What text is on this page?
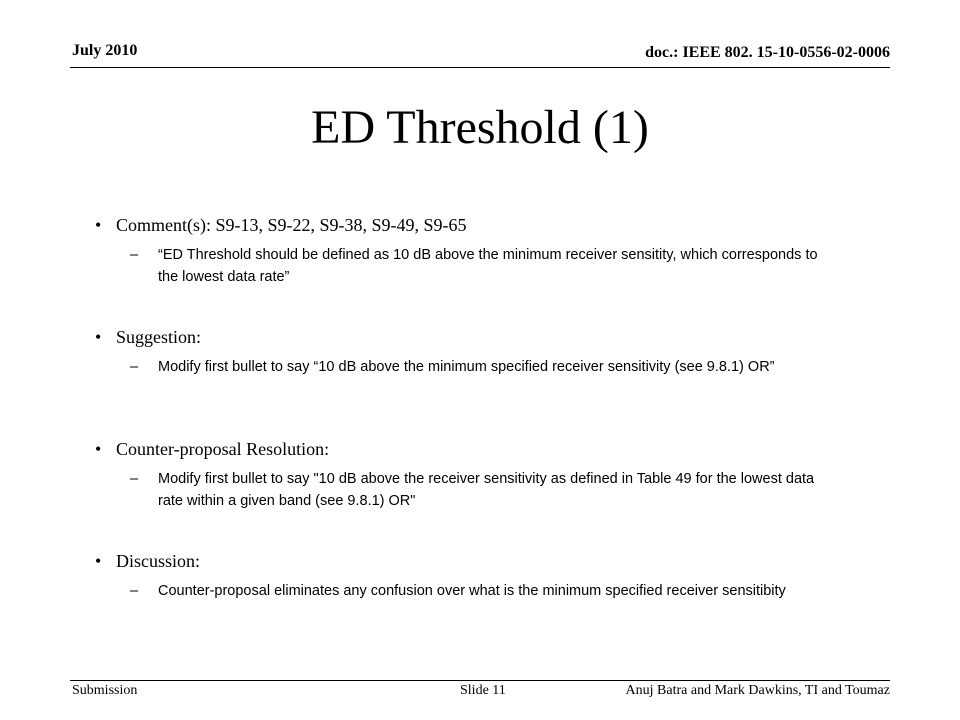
July 2010	doc.: IEEE 802. 15-10-0556-02-0006
ED Threshold (1)
• Comment(s): S9-13, S9-22, S9-38, S9-49, S9-65
–	“ED Threshold should be defined as 10 dB above the minimum receiver sensitity, which corresponds to the lowest data rate”
• Suggestion:
–	Modify first bullet to say “10 dB above the minimum specified receiver sensitivity (see 9.8.1) OR”
• Counter-proposal Resolution:
–	Modify first bullet to say "10 dB above the receiver sensitivity as defined in Table 49 for the lowest data rate within a given band (see 9.8.1) OR"
• Discussion:
–	Counter-proposal eliminates any confusion over what is the minimum specified receiver sensitibity
Submission	Slide 11	Anuj Batra and Mark Dawkins, TI and Toumaz
